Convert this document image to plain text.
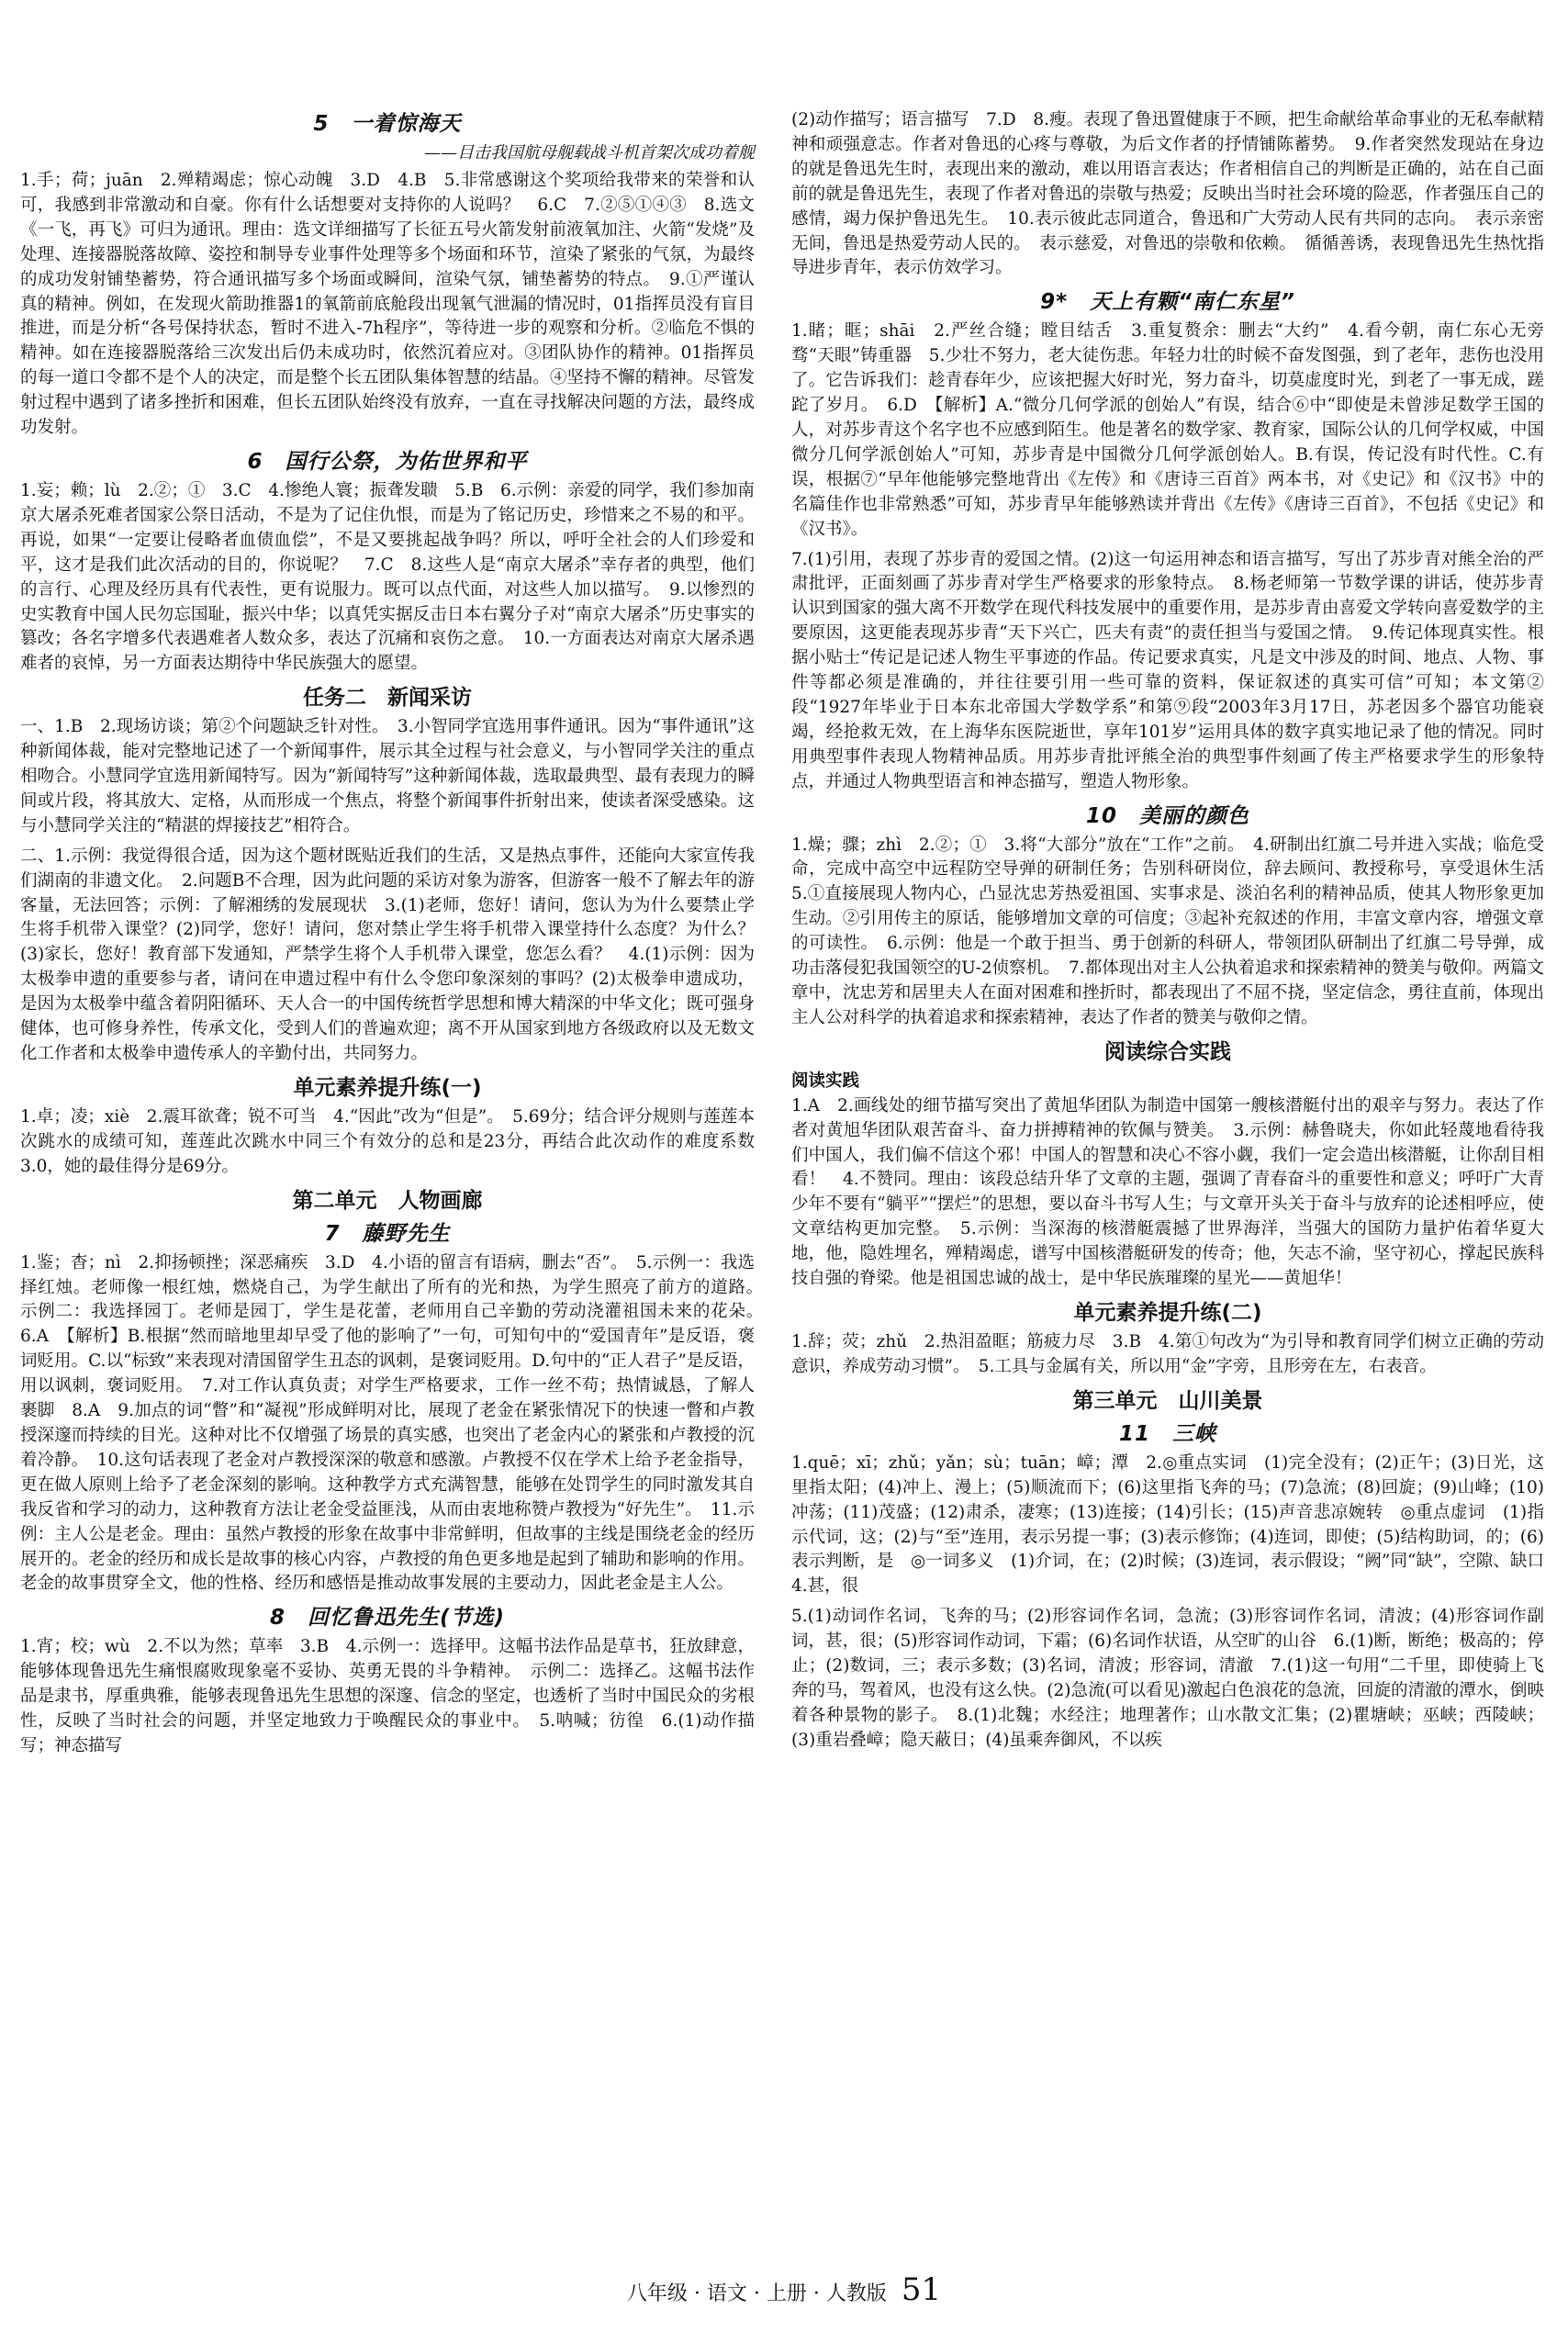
5　一着惊海天
——目击我国航母舰载战斗机首架次成功着舰
1.手；荷；juān　2.殚精竭虑；惊心动魄　3.D　4.B　5.非常感谢这个奖项给我带来的荣誉和认可，我感到非常激动和自豪。你有什么话想要对支持你的人说吗？　6.C　7.②⑤①④③　8.选文《一飞，再飞》可归为通讯。理由：选文详细描写了长征五号火箭发射前液氧加注、火箭“发烧”及处理、连接器脱落故障、姿控和制导专业事件处理等多个场面和环节，渲染了紧张的气氛，为最终的成功发射铺垫蓄势，符合通讯描写多个场面或瞬间，渲染气氛，铺垫蓄势的特点。　9.①严谨认真的精神。例如，在发现火箭助推器1的氧箭前底舱段出现氧气泄漏的情况时，01指挥员没有盲目推进，而是分析“各号保持状态，暂时不进入-7h程序”，等待进一步的观察和分析。②临危不惧的精神。如在连接器脱落给三次发出后仍未成功时，依然沉着应对。③团队协作的精神。01指挥员的每一道口令都不是个人的决定，而是整个长五团队集体智慧的结晶。④坚持不懈的精神。尽管发射过程中遇到了诸多挫折和困难，但长五团队始终没有放弃，一直在寻找解决问题的方法，最终成功发射。
6　国行公祭，为佑世界和平
1.妄；赖；lù　2.②；①　3.C　4.惨绝人寰；振聋发聩　5.B　6.示例：亲爱的同学，我们参加南京大屠杀死难者国家公祭日活动，不是为了记住仇恨，而是为了铭记历史，珍惜来之不易的和平。再说，如果“一定要让侵略者血债血偿”，不是又要挑起战争吗？所以，呼吁全社会的人们珍爱和平，这才是我们此次活动的目的，你说呢？　7.C　8.这些人是“南京大屠杀”幸存者的典型，他们的言行、心理及经历具有代表性，更有说服力。既可以点代面，对这些人加以描写。　9.以惨烈的史实教育中国人民勿忘国耻，振兴中华；以真凭实据反击日本右翼分子对“南京大屠杀”历史事实的篡改；各名字增多代表遇难者人数众多，表达了沉痛和哀伤之意。　10.一方面表达对南京大屠杀遇难者的哀悼，另一方面表达期待中华民族强大的愿望。
任务二　新闻采访
一、1.B　2.现场访谈；第②个问题缺乏针对性。　3.小智同学宜选用事件通讯。因为“事件通讯”这种新闻体裁，能对完整地记述了一个新闻事件，展示其全过程与社会意义，与小智同学关注的重点相吻合。小慧同学宜选用新闻特写。因为“新闻特写”这种新闻体裁，选取最典型、最有表现力的瞬间或片段，将其放大、定格，从而形成一个焦点，将整个新闻事件折射出来，使读者深受感染。这与小慧同学关注的“精湛的焊接技艺”相符合。
二、1.示例：我觉得很合适，因为这个题材既贴近我们的生活，又是热点事件，还能向大家宣传我们湖南的非遗文化。　2.问题B不合理，因为此问题的采访对象为游客，但游客一般不了解去年的游客量，无法回答；示例：了解湘绣的发展现状　3.(1)老师，您好！请问，您认为为什么要禁止学生将手机带入课堂？(2)同学，您好！请问，您对禁止学生将手机带入课堂持什么态度？为什么？(3)家长，您好！教育部下发通知，严禁学生将个人手机带入课堂，您怎么看？　4.(1)示例：因为太极拳申遗的重要参与者，请问在申遗过程中有什么令您印象深刻的事吗？(2)太极拳申遗成功，是因为太极拳中蕴含着阴阳循环、天人合一的中国传统哲学思想和博大精深的中华文化；既可强身健体，也可修身养性，传承文化，受到人们的普遍欢迎；离不开从国家到地方各级政府以及无数文化工作者和太极拳申遗传承人的辛勤付出，共同努力。
单元素养提升练(一)
1.卓；凌；xiè　2.震耳欲聋；锐不可当　4.“因此”改为“但是”。　5.69分；结合评分规则与莲莲本次跳水的成绩可知，莲莲此次跳水中同三个有效分的总和是23分，再结合此次动作的难度系数3.0，她的最佳得分是69分。
第二单元　人物画廊
7　藤野先生
1.鉴；杳；nì　2.抑扬顿挫；深恶痛疾　3.D　4.小语的留言有语病，删去“否”。　5.示例一：我选择红烛。老师像一根红烛，燃烧自己，为学生献出了所有的光和热，为学生照亮了前方的道路。　示例二：我选择园丁。老师是园丁，学生是花蕾，老师用自己辛勤的劳动浇灌祖国未来的花朵。　6.A　【解析】B.根据“然而暗地里却早受了他的影响了”一句，可知句中的“爱国青年”是反语，褒词贬用。C.以“标致”来表现对清国留学生丑态的讽刺，是褒词贬用。D.句中的“正人君子”是反语，用以讽刺，褒词贬用。　7.对工作认真负责；对学生严格要求，工作一丝不苟；热情诚恳，了解人裹脚　8.A　9.加点的词“瞥”和“凝视”形成鲜明对比，展现了老金在紧张情况下的快速一瞥和卢教授深邃而持续的目光。这种对比不仅增强了场景的真实感，也突出了老金内心的紧张和卢教授的沉着冷静。　10.这句话表现了老金对卢教授深深的敬意和感激。卢教授不仅在学术上给予老金指导，更在做人原则上给予了老金深刻的影响。这种教学方式充满智慧，能够在处罚学生的同时激发其自我反省和学习的动力，这种教育方法让老金受益匪浅，从而由衷地称赞卢教授为“好先生”。　11.示例：主人公是老金。理由：虽然卢教授的形象在故事中非常鲜明，但故事的主线是围绕老金的经历展开的。老金的经历和成长是故事的核心内容，卢教授的角色更多地是起到了辅助和影响的作用。老金的故事贯穿全文，他的性格、经历和感悟是推动故事发展的主要动力，因此老金是主人公。
8　回忆鲁迅先生(节选)
1.宵；校；wù　2.不以为然；草率　3.B　4.示例一：选择甲。这幅书法作品是草书，狂放肆意，能够体现鲁迅先生痛恨腐败现象毫不妥协、英勇无畏的斗争精神。　示例二：选择乙。这幅书法作品是隶书，厚重典雅，能够表现鲁迅先生思想的深邃、信念的坚定，也透析了当时中国民众的劣根性，反映了当时社会的问题，并坚定地致力于唤醒民众的事业中。　5.呐喊；彷徨　6.(1)动作描写；神态描写
(2)动作描写；语言描写　7.D　8.瘦。表现了鲁迅置健康于不顾，把生命献给革命事业的无私奉献精神和顽强意志。作者对鲁迅的心疼与尊敬，为后文作者的抒情铺陈蓄势。　9.作者突然发现站在身边的就是鲁迅先生时，表现出来的激动，难以用语言表达；作者相信自己的判断是正确的，站在自己面前的就是鲁迅先生，表现了作者对鲁迅的崇敬与热爱；反映出当时社会环境的险恶，作者强压自己的感情，竭力保护鲁迅先生。　10.表示彼此志同道合，鲁迅和广大劳动人民有共同的志向。　表示亲密无间，鲁迅是热爱劳动人民的。　表示慈爱，对鲁迅的崇敬和依赖。　循循善诱，表现鲁迅先生热忱指导进步青年，表示仿效学习。
9*　天上有颗“南仁东星”
1.睹；眶；shāi　2.严丝合缝；瞠目结舌　3.重复赘余：删去“大约”　4.看今朝，南仁东心无旁骛“天眼”铸重器　5.少壮不努力，老大徒伤悲。年轻力壮的时候不奋发图强，到了老年，悲伤也没用了。它告诉我们：趁青春年少，应该把握大好时光，努力奋斗，切莫虚度时光，到老了一事无成，蹉跎了岁月。　6.D　【解析】A.“微分几何学派的创始人”有误，结合⑥中“即使是未曾涉足数学王国的人，对苏步青这个名字也不应感到陌生。他是著名的数学家、教育家，国际公认的几何学权威，中国微分几何学派创始人”可知，苏步青是中国微分几何学派创始人。B.有误，传记没有时代性。C.有误，根据⑦“早年他能够完整地背出《左传》和《唐诗三百首》两本书，对《史记》和《汉书》中的名篇佳作也非常熟悉”可知，苏步青早年能够熟读并背出《左传》《唐诗三百首》，不包括《史记》和《汉书》。
7.(1)引用，表现了苏步青的爱国之情。(2)这一句运用神态和语言描写，写出了苏步青对熊全治的严肃批评，正面刻画了苏步青对学生严格要求的形象特点。　8.杨老师第一节数学课的讲话，使苏步青认识到国家的强大离不开数学在现代科技发展中的重要作用，是苏步青由喜爱文学转向喜爱数学的主要原因，这更能表现苏步青“天下兴亡，匹夫有责”的责任担当与爱国之情。　9.传记体现真实性。根据小贴士“传记是记述人物生平事迹的作品。传记要求真实，凡是文中涉及的时间、地点、人物、事件等都必须是准确的，并往往要引用一些可靠的资料，保证叙述的真实可信”可知；本文第②段“1927年毕业于日本东北帝国大学数学系”和第⑨段“2003年3月17日，苏老因多个器官功能衰竭，经抢救无效，在上海华东医院逝世，享年101岁”运用具体的数字真实地记录了他的情况。同时用典型事件表现人物精神品质。用苏步青批评熊全治的典型事件刻画了传主严格要求学生的形象特点，并通过人物典型语言和神态描写，塑造人物形象。
10　美丽的颜色
1.燥；骤；zhì　2.②；①　3.将“大部分”放在“工作”之前。　4.研制出红旗二号并进入实战；临危受命，完成中高空中远程防空导弹的研制任务；告别科研岗位，辞去顾问、教授称号，享受退休生活　5.①直接展现人物内心，凸显沈忠芳热爱祖国、实事求是、淡泊名利的精神品质，使其人物形象更加生动。②引用传主的原话，能够增加文章的可信度；③起补充叙述的作用，丰富文章内容，增强文章的可读性。　6.示例：他是一个敢于担当、勇于创新的科研人，带领团队研制出了红旗二号导弹，成功击落侵犯我国领空的U-2侦察机。　7.都体现出对主人公执着追求和探索精神的赞美与敬仰。两篇文章中，沈忠芳和居里夫人在面对困难和挫折时，都表现出了不屈不挠，坚定信念，勇往直前，体现出主人公对科学的执着追求和探索精神，表达了作者的赞美与敬仰之情。
阅读综合实践
阅读实践
1.A　2.画线处的细节描写突出了黄旭华团队为制造中国第一艘核潜艇付出的艰辛与努力。表达了作者对黄旭华团队艰苦奋斗、奋力拼搏精神的钦佩与赞美。　3.示例：赫鲁晓夫，你如此轻蔑地看待我们中国人，我们偏不信这个邪！中国人的智慧和决心不容小觑，我们一定会造出核潜艇，让你刮目相看！　4.不赞同。理由：该段总结升华了文章的主题，强调了青春奋斗的重要性和意义；呼吁广大青少年不要有“躺平”“摆烂”的思想，要以奋斗书写人生；与文章开头关于奋斗与放弃的论述相呼应，使文章结构更加完整。　5.示例：当深海的核潜艇震撼了世界海洋，当强大的国防力量护佑着华夏大地，他，隐姓埋名，殚精竭虑，谱写中国核潜艇研发的传奇；他，矢志不渝，坚守初心，撑起民族科技自强的脊梁。他是祖国忠诚的战士，是中华民族璀璨的星光——黄旭华！
单元素养提升练(二)
1.辞；荧；zhǔ　2.热泪盈眶；筋疲力尽　3.B　4.第①句改为“为引导和教育同学们树立正确的劳动意识，养成劳动习惯”。　5.工具与金属有关，所以用“金”字旁，且形旁在左，右表音。
第三单元　山川美景
11　三峡
1.quē；xī；zhǔ；yǎn；sù；tuān；嶂；潭　2.◎重点实词　(1)完全没有；(2)正午；(3)日光，这里指太阳；(4)冲上、漫上；(5)顺流而下；(6)这里指飞奔的马；(7)急流；(8)回旋；(9)山峰；(10)冲荡；(11)茂盛；(12)肃杀，凄寒；(13)连接；(14)引长；(15)声音悲凉婉转　◎重点虚词　(1)指示代词，这；(2)与“至”连用，表示另提一事；(3)表示修饰；(4)连词，即使；(5)结构助词，的；(6)表示判断，是　◎一词多义　(1)介词，在；(2)时候；(3)连词，表示假设；“阙”同“缺”，空隙、缺口　4.甚，很
5.(1)动词作名词，飞奔的马；(2)形容词作名词，急流；(3)形容词作名词，清波；(4)形容词作副词，甚，很；(5)形容词作动词，下霜；(6)名词作状语，从空旷的山谷　6.(1)断，断绝；极高的；停止；(2)数词，三；表示多数；(3)名词，清波；形容词，清澈　7.(1)这一句用“二千里，即使骑上飞奔的马，驾着风，也没有这么快。(2)急流(可以看见)激起白色浪花的急流，回旋的清澈的潭水，倒映着各种景物的影子。　8.(1)北魏；水经注；地理著作；山水散文汇集；(2)瞿塘峡；巫峡；西陵峡；(3)重岩叠嶂；隐天蔽日；(4)虽乘奔御风，不以疾
八年级 · 语文 · 上册 · 人教版 51
